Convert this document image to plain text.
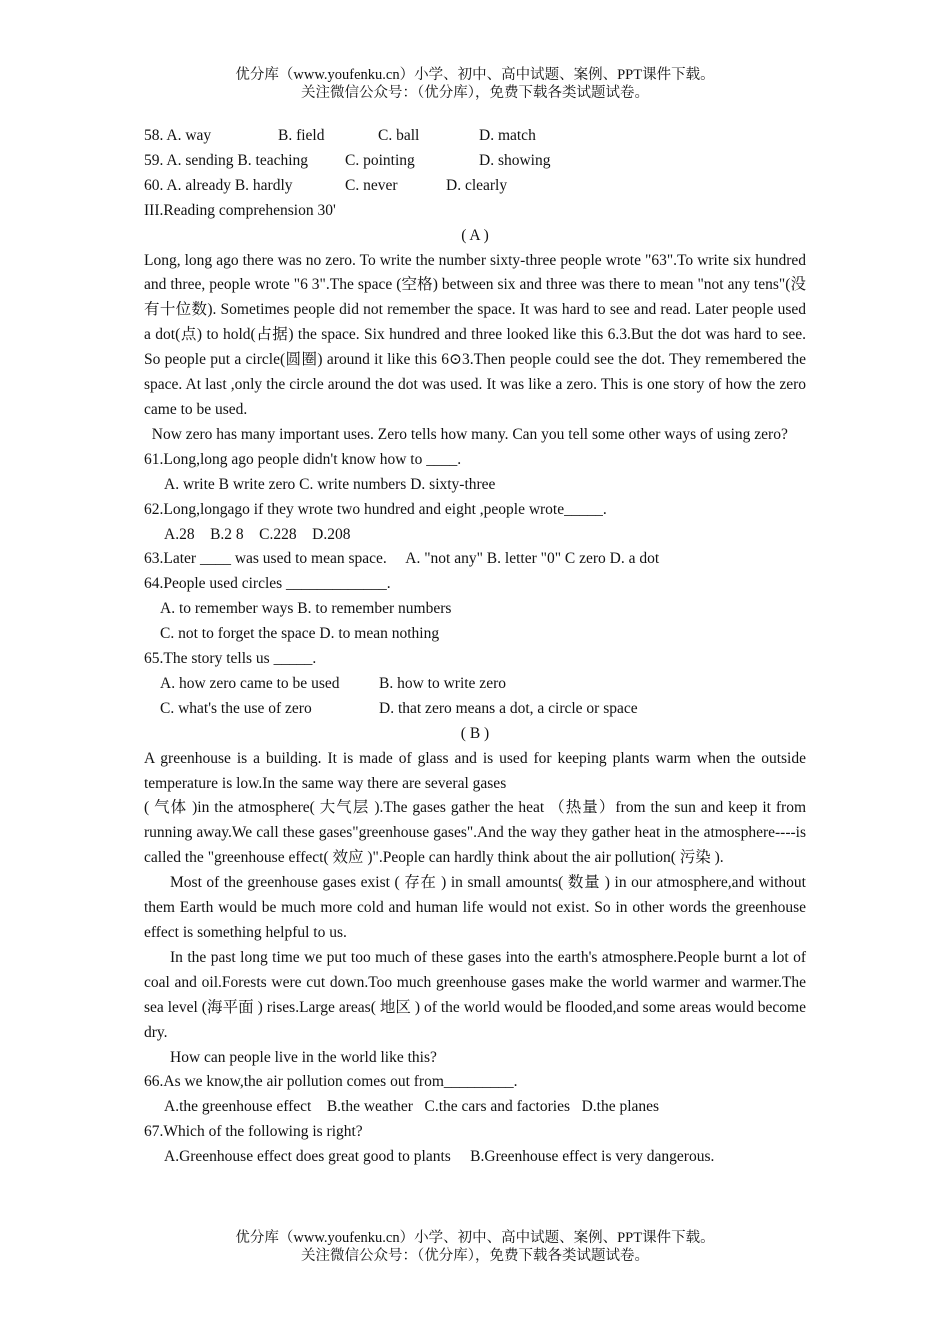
优分库（www.youfenku.cn）小学、初中、高中试题、案例、PPT课件下载。
关注微信公众号：（优分库），免费下载各类试题试卷。
58. A. way	B. field	C. ball	D. match
59. A. sending B. teaching C. pointing	D. showing
60. A. already B. hardly	C. never	D. clearly
III.Reading comprehension 30'
( A )
Long, long ago there was no zero. To write the number sixty-three people wrote "63".To write six hundred and three, people wrote "6 3".The space (空格) between six and three was there to mean "not any tens"(没有十位数). Sometimes people did not remember the space. It was hard to see and read. Later people used a dot(点) to hold(占据) the space. Six hundred and three looked like this 6.3.But the dot was hard to see. So people put a circle(圆圈) around it like this 6⊙3.Then people could see the dot. They remembered the space. At last ,only the circle around the dot was used. It was like a zero. This is one story of how the zero came to be used.
Now zero has many important uses. Zero tells how many. Can you tell some other ways of using zero?
61.Long,long ago people didn't know how to ____.
A. write B write zero C. write numbers D. sixty-three
62.Long,longago if they wrote two hundred and eight ,people wrote_____.
A.28    B.2 8    C.228    D.208
63.Later ____ was used to mean space.     A. "not any" B. letter "0" C zero D. a dot
64.People used circles _____________.
A. to remember ways B. to remember numbers
C. not to forget the space D. to mean nothing
65.The story tells us _____.
A. how zero came to be used	B. how to write zero
C. what's the use of zero	D. that zero means a dot, a circle or space
( B )
A greenhouse is a building. It is made of glass and is used for keeping plants warm when the outside temperature is low.In the same way there are several gases
( 气体 )in the atmosphere( 大气层 ).The gases gather the heat （热量）from the sun and keep it from running away.We call these gases"greenhouse gases".And the way they gather heat in the atmosphere----is called the "greenhouse effect( 效应 )".People can hardly think about the air pollution( 污染 ).
Most of the greenhouse gases exist ( 存在 ) in small amounts( 数量 ) in our atmosphere,and without them Earth would be much more cold and human life would not exist. So in other words the greenhouse effect is something helpful to us.
In the past long time we put too much of these gases into the earth's atmosphere.People burnt a lot of coal and oil.Forests were cut down.Too much greenhouse gases make the world warmer and warmer.The sea level (海平面 ) rises.Large areas( 地区 ) of the world would be flooded,and some areas would become dry.
How can people live in the world like this?
66.As we know,the air pollution comes out from_________.
A.the greenhouse effect    B.the weather   C.the cars and factories   D.the planes
67.Which of the following is right?
A.Greenhouse effect does great good to plants     B.Greenhouse effect is very dangerous.
优分库（www.youfenku.cn）小学、初中、高中试题、案例、PPT课件下载。
关注微信公众号：（优分库），免费下载各类试题试卷。
